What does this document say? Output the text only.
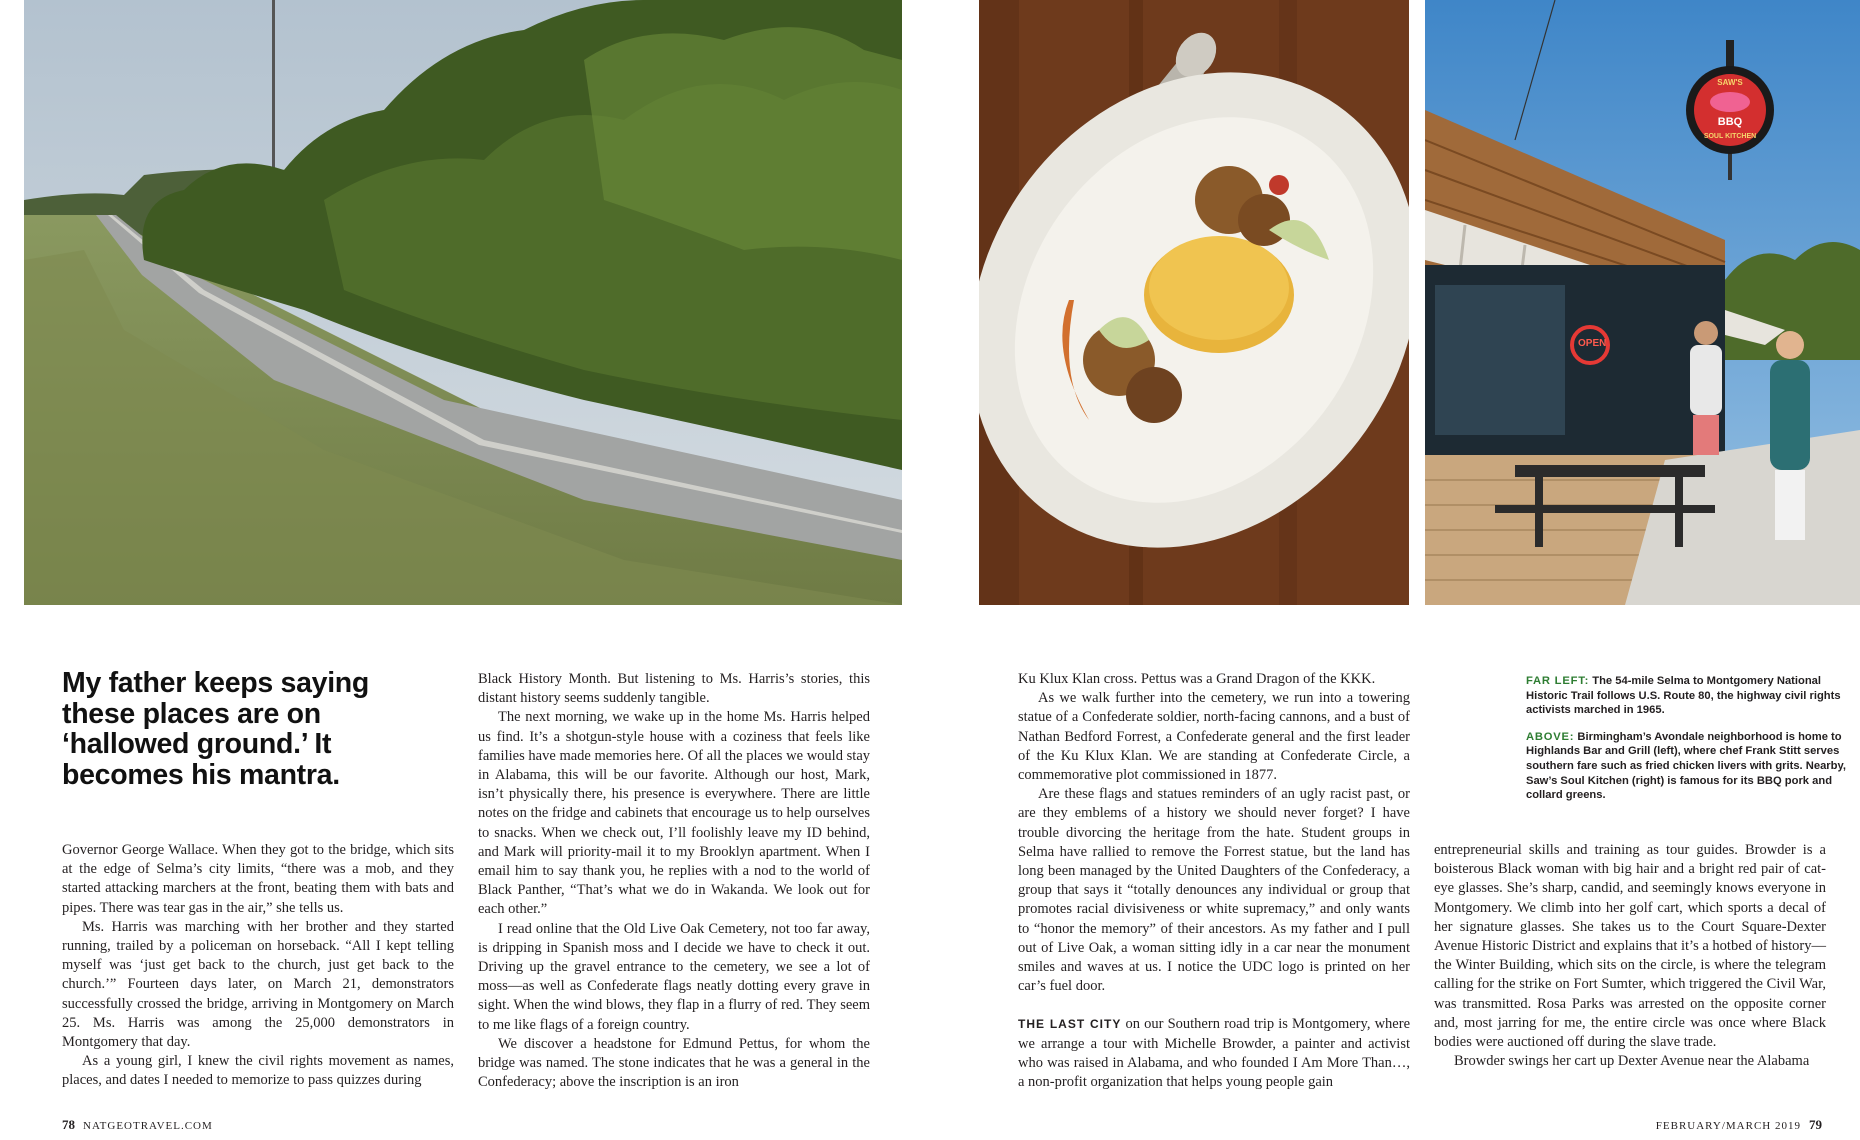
BBQ
SAW'S
SOUL KITCHEN
OPEN
My father keeps saying these places are on ‘hallowed ground.’ It becomes his mantra.

Governor George Wallace. When they got to the bridge, which sits at the edge of Selma’s city limits, “there was a mob, and they started attacking marchers at the front, beating them with bats and pipes. There was tear gas in the air,” she tells us.

Ms. Harris was marching with her brother and they started running, trailed by a policeman on horseback. “All I kept telling myself was ‘just get back to the church, just get back to the church.’” Fourteen days later, on March 21, demonstrators successfully crossed the bridge, arriving in Montgomery on March 25. Ms. Harris was among the 25,000 demonstrators in Montgomery that day.

As a young girl, I knew the civil rights movement as names, places, and dates I needed to memorize to pass quizzes during

Black History Month. But listening to Ms. Harris’s stories, this distant history seems suddenly tangible.

The next morning, we wake up in the home Ms. Harris helped us find. It’s a shotgun-style house with a coziness that feels like families have made memories here. Of all the places we would stay in Alabama, this will be our favorite. Although our host, Mark, isn’t physically there, his presence is everywhere. There are little notes on the fridge and cabinets that encourage us to help ourselves to snacks. When we check out, I’ll foolishly leave my ID behind, and Mark will priority-mail it to my Brooklyn apartment. When I email him to say thank you, he replies with a nod to the world of Black Panther, “That’s what we do in Wakanda. We look out for each other.”

I read online that the Old Live Oak Cemetery, not too far away, is dripping in Spanish moss and I decide we have to check it out. Driving up the gravel entrance to the cemetery, we see a lot of moss—as well as Confederate flags neatly dotting every grave in sight. When the wind blows, they flap in a flurry of red. They seem to me like flags of a foreign country.

We discover a headstone for Edmund Pettus, for whom the bridge was named. The stone indicates that he was a general in the Confederacy; above the inscription is an iron

Ku Klux Klan cross. Pettus was a Grand Dragon of the KKK.

As we walk further into the cemetery, we run into a towering statue of a Confederate soldier, north-facing cannons, and a bust of Nathan Bedford Forrest, a Confederate general and the first leader of the Ku Klux Klan. We are standing at Confederate Circle, a commemorative plot commissioned in 1877.

Are these flags and statues reminders of an ugly racist past, or are they emblems of a history we should never forget? I have trouble divorcing the heritage from the hate. Student groups in Selma have rallied to remove the Forrest statue, but the land has long been managed by the United Daughters of the Confederacy, a group that says it “totally denounces any individual or group that promotes racial divisiveness or white supremacy,” and only wants to “honor the memory” of their ancestors. As my father and I pull out of Live Oak, a woman sitting idly in a car near the monument smiles and waves at us. I notice the UDC logo is printed on her car’s fuel door.

THE LAST CITY on our Southern road trip is Montgomery, where we arrange a tour with Michelle Browder, a painter and activist who was raised in Alabama, and who founded I Am More Than…, a non-profit organization that helps young people gain

entrepreneurial skills and training as tour guides. Browder is a boisterous Black woman with big hair and a bright red pair of cat-eye glasses. She’s sharp, candid, and seemingly knows everyone in Montgomery. We climb into her golf cart, which sports a decal of her signature glasses. She takes us to the Court Square-Dexter Avenue Historic District and explains that it’s a hotbed of history—the Winter Building, which sits on the circle, is where the telegram calling for the strike on Fort Sumter, which triggered the Civil War, was transmitted. Rosa Parks was arrested on the opposite corner and, most jarring for me, the entire circle was once where Black bodies were auctioned off during the slave trade.

Browder swings her cart up Dexter Avenue near the Alabama

FAR LEFT: The 54-mile Selma to Montgomery National Historic Trail follows U.S. Route 80, the highway civil rights activists marched in 1965.

ABOVE: Birmingham’s Avondale neighborhood is home to Highlands Bar and Grill (left), where chef Frank Stitt serves southern fare such as fried chicken livers with grits. Nearby, Saw’s Soul Kitchen (right) is famous for its BBQ pork and collard greens.

78 NATGEOTRAVEL.COM	FEBRUARY/MARCH 2019 79
